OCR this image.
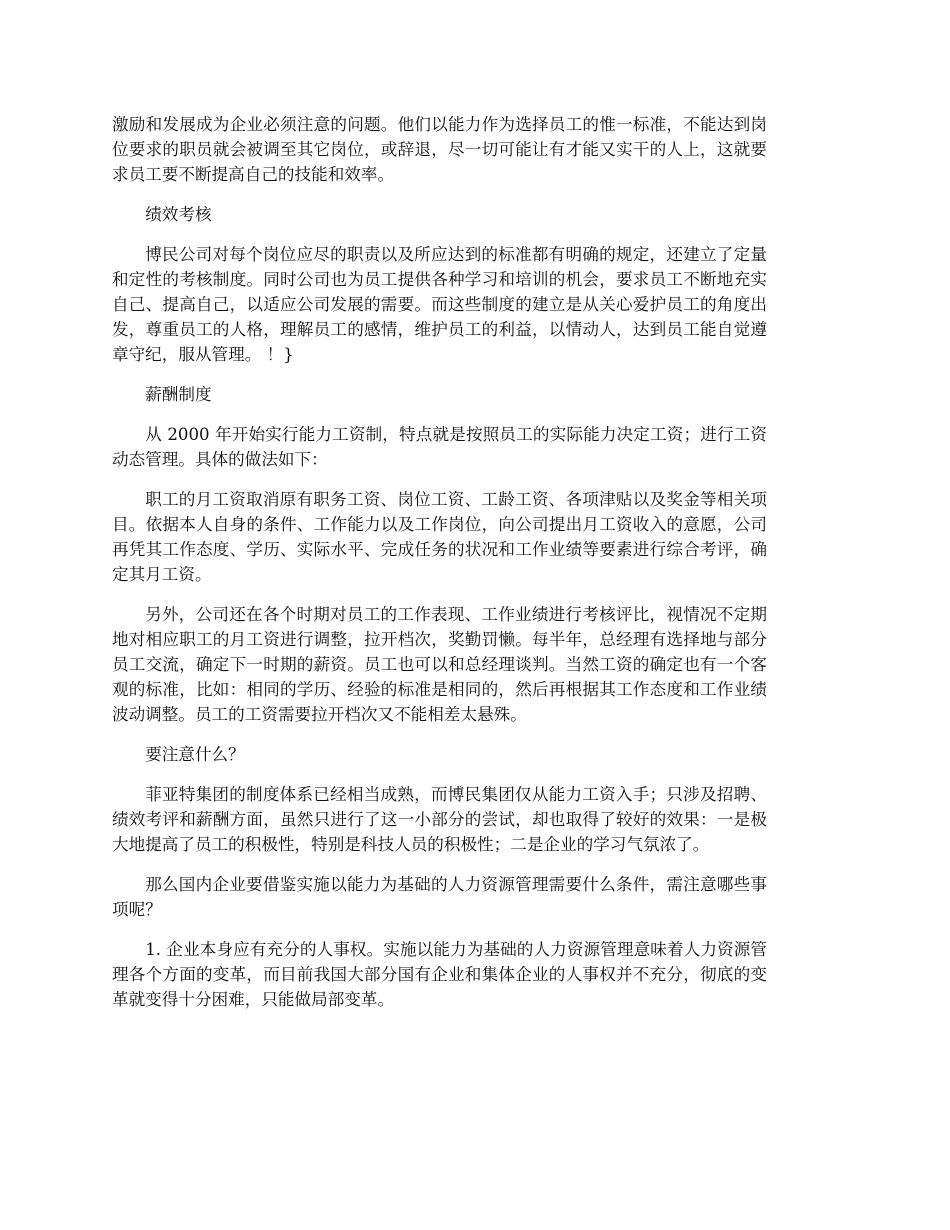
激励和发展成为企业必须注意的问题。他们以能力作为选择员工的惟一标准，不能达到岗位要求的职员就会被调至其它岗位，或辞退，尽一切可能让有才能又实干的人上，这就要求员工要不断提高自己的技能和效率。

绩效考核

博民公司对每个岗位应尽的职责以及所应达到的标准都有明确的规定，还建立了定量和定性的考核制度。同时公司也为员工提供各种学习和培训的机会，要求员工不断地充实自己、提高自己，以适应公司发展的需要。而这些制度的建立是从关心爱护员工的角度出发，尊重员工的人格，理解员工的感情，维护员工的利益，以情动人，达到员工能自觉遵章守纪，服从管理。 ！}

薪酬制度

从 2000 年开始实行能力工资制，特点就是按照员工的实际能力决定工资；进行工资动态管理。具体的做法如下：

职工的月工资取消原有职务工资、岗位工资、工龄工资、各项津贴以及奖金等相关项目。依据本人自身的条件、工作能力以及工作岗位，向公司提出月工资收入的意愿，公司再凭其工作态度、学历、实际水平、完成任务的状况和工作业绩等要素进行综合考评，确定其月工资。

另外，公司还在各个时期对员工的工作表现、工作业绩进行考核评比，视情况不定期地对相应职工的月工资进行调整，拉开档次，奖勤罚懒。每半年，总经理有选择地与部分员工交流，确定下一时期的薪资。员工也可以和总经理谈判。当然工资的确定也有一个客观的标准，比如：相同的学历、经验的标准是相同的，然后再根据其工作态度和工作业绩波动调整。员工的工资需要拉开档次又不能相差太悬殊。

要注意什么？

菲亚特集团的制度体系已经相当成熟，而博民集团仅从能力工资入手；只涉及招聘、绩效考评和薪酬方面，虽然只进行了这一小部分的尝试，却也取得了较好的效果：一是极大地提高了员工的积极性，特别是科技人员的积极性；二是企业的学习气氛浓了。

那么国内企业要借鉴实施以能力为基础的人力资源管理需要什么条件，需注意哪些事项呢？

1. 企业本身应有充分的人事权。实施以能力为基础的人力资源管理意味着人力资源管理各个方面的变革，而目前我国大部分国有企业和集体企业的人事权并不充分，彻底的变革就变得十分困难，只能做局部变革。
